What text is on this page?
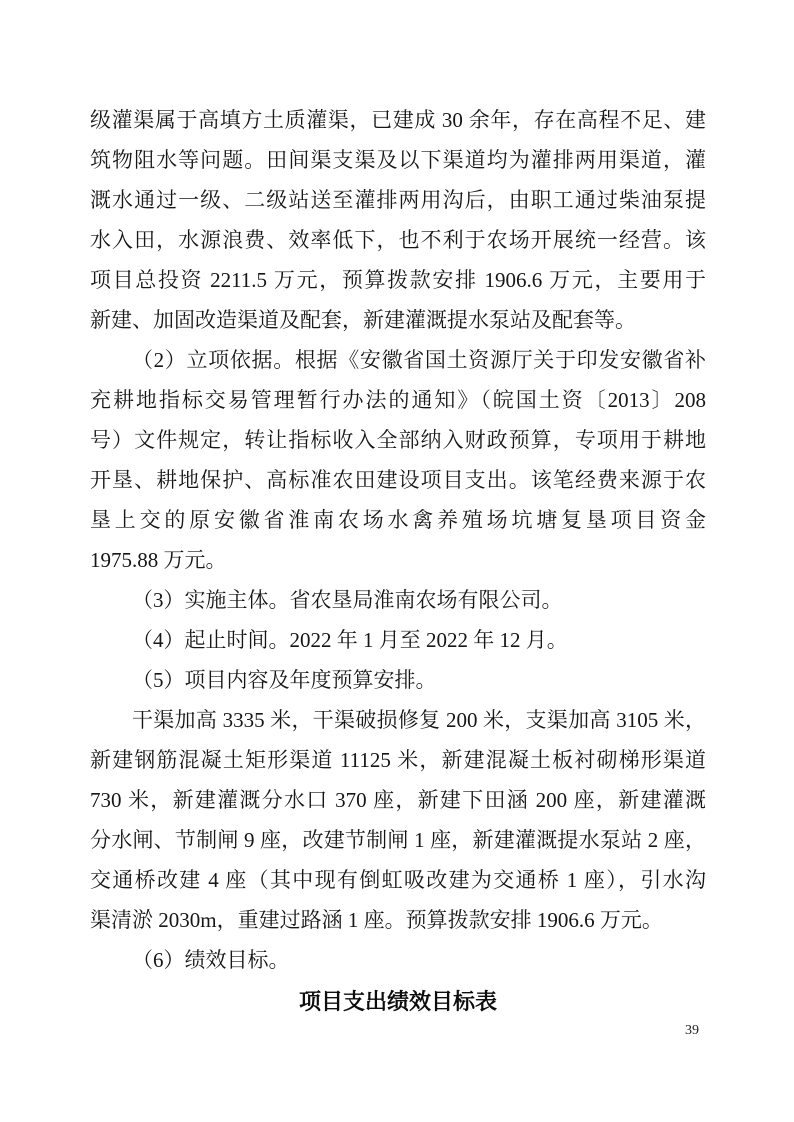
级灌渠属于高填方土质灌渠，已建成 30 余年，存在高程不足、建
筑物阻水等问题。田间渠支渠及以下渠道均为灌排两用渠道，灌
溉水通过一级、二级站送至灌排两用沟后，由职工通过柴油泵提
水入田，水源浪费、效率低下，也不利于农场开展统一经营。该
项目总投资 2211.5 万元，预算拨款安排 1906.6 万元，主要用于
新建、加固改造渠道及配套，新建灌溉提水泵站及配套等。
（2）立项依据。根据《安徽省国土资源厅关于印发安徽省补
充耕地指标交易管理暂行办法的通知》（皖国土资〔2013〕208
号）文件规定，转让指标收入全部纳入财政预算，专项用于耕地
开垦、耕地保护、高标准农田建设项目支出。该笔经费来源于农
垦上交的原安徽省淮南农场水禽养殖场坑塘复垦项目资金
1975.88 万元。
（3）实施主体。省农垦局淮南农场有限公司。
（4）起止时间。2022 年 1 月至 2022 年 12 月。
（5）项目内容及年度预算安排。
干渠加高 3335 米，干渠破损修复 200 米，支渠加高 3105 米，
新建钢筋混凝土矩形渠道 11125 米，新建混凝土板衬砌梯形渠道
730 米，新建灌溉分水口 370 座，新建下田涵 200 座，新建灌溉
分水闸、节制闸 9 座，改建节制闸 1 座，新建灌溉提水泵站 2 座，
交通桥改建 4 座（其中现有倒虹吸改建为交通桥 1 座），引水沟
渠清淤 2030m，重建过路涵 1 座。预算拨款安排 1906.6 万元。
（6）绩效目标。
项目支出绩效目标表
39
